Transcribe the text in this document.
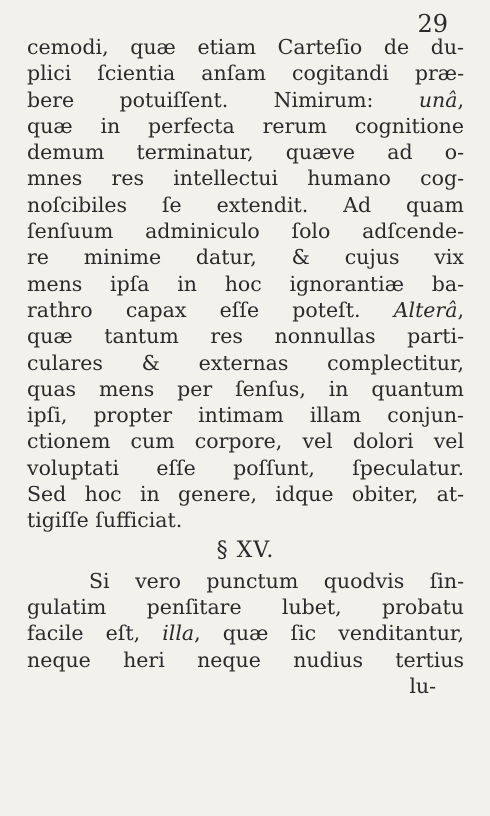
29
cemodi, quæ etiam Carteſio de du-
plici ſcientia anſam cogitandi præ-
bere potuiſſent. Nimirum: unâ,
quæ in perfecta rerum cognitione
demum terminatur, quæve ad o-
mnes res intellectui humano cog-
noſcibiles ſe extendit. Ad quam
ſenſuum adminiculo ſolo adſcende-
re minime datur, & cujus vix
mens ipſa in hoc ignorantiæ ba-
rathro capax eſſe poteſt. Alterâ,
quæ tantum res nonnullas parti-
culares & externas complectitur,
quas mens per ſenſus, in quantum
ipſi, propter intimam illam conjun-
ctionem cum corpore, vel dolori vel
voluptati eſſe poſſunt, ſpeculatur.
Sed hoc in genere, idque obiter, at-
tigiſſe ſufficiat.
§ XV.
Si vero punctum quodvis ſin-
gulatim penſitare lubet, probatu
facile eſt, illa, quæ ſic venditantur,
neque heri neque nudius tertius
lu-
